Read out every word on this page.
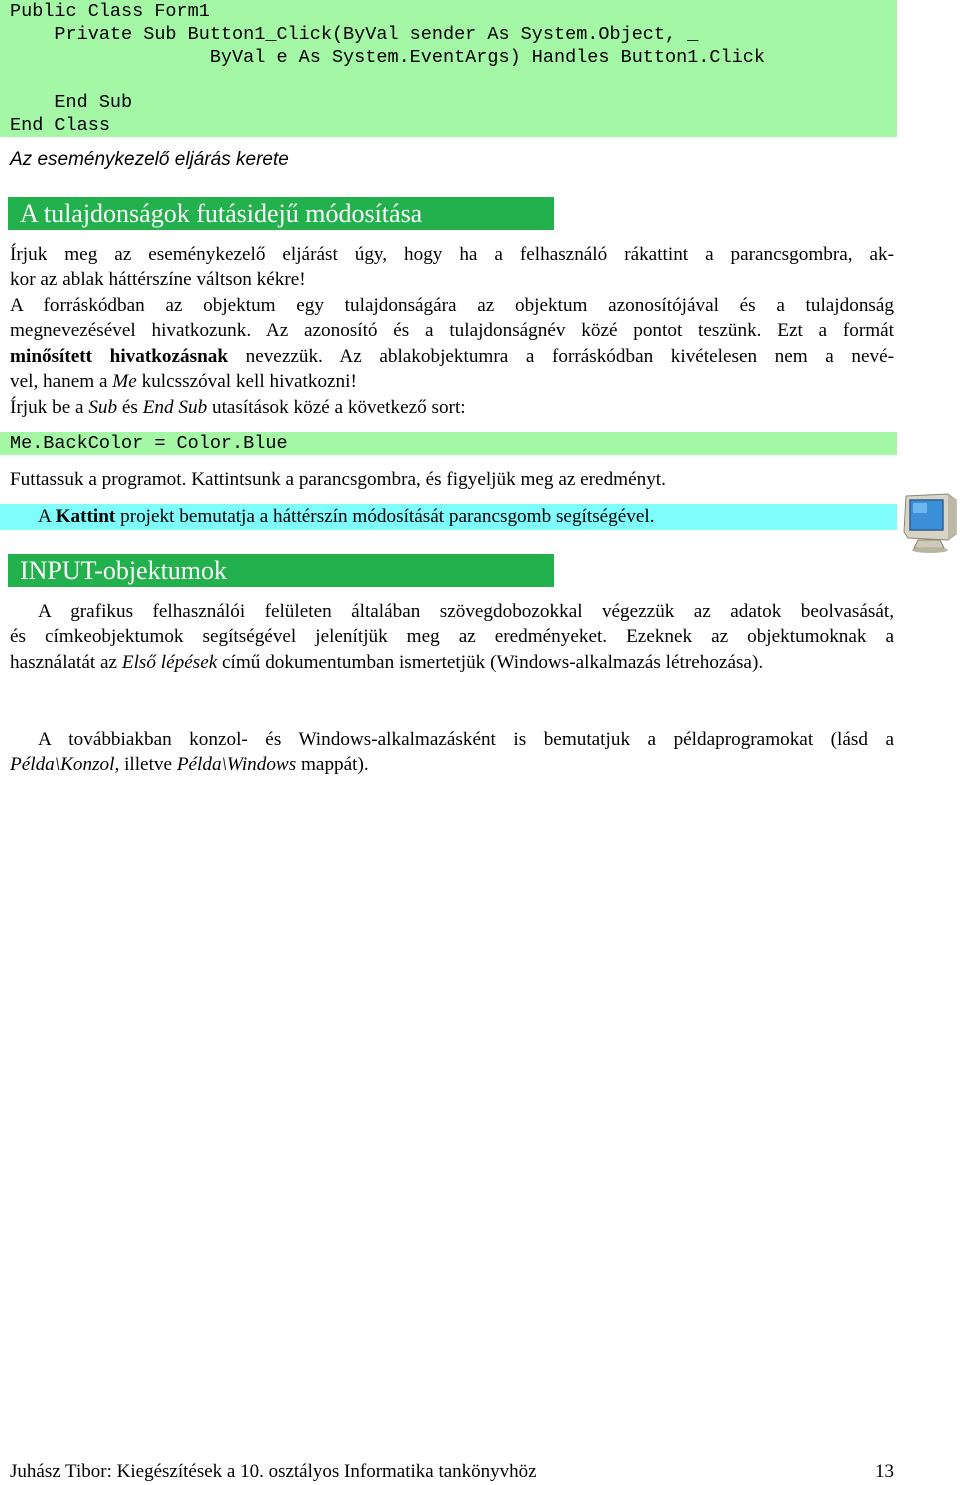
Public Class Form1
Private Sub Button1_Click(ByVal sender As System.Object, _
ByVal e As System.EventArgs) Handles Button1.Click
End Sub
End Class
Az eseménykezelő eljárás kerete
A tulajdonságok futásidejű módosítása
Írjuk meg az eseménykezelő eljárást úgy, hogy ha a felhasználó rákattint a parancsgombra, ak-
kor az ablak háttérszíne váltson kékre!
A forráskódban az objektum egy tulajdonságára az objektum azonosítójával és a tulajdonság
megnevezésével hivatkozunk. Az azonosító és a tulajdonságnév közé pontot teszünk. Ezt a formát
minősített hivatkozásnak nevezzük. Az ablakobjektumra a forráskódban kivételesen nem a nevé-
vel, hanem a Me kulcsszóval kell hivatkozni!
Írjuk be a Sub és End Sub utasítások közé a következő sort:
Me.BackColor = Color.Blue
Futtassuk a programot. Kattintsunk a parancsgombra, és figyeljük meg az eredményt.
A Kattint projekt bemutatja a háttérszín módosítását parancsgomb segítségével.
INPUT-objektumok
A grafikus felhasználói felületen általában szövegdobozokkal végezzük az adatok beolvasását,
és címkeobjektumok segítségével jelenítjük meg az eredményeket. Ezeknek az objektumoknak a
használatát az Első lépések című dokumentumban ismertetjük (Windows-alkalmazás létrehozása).
A továbbiakban konzol- és Windows-alkalmazásként is bemutatjuk a példaprogramokat (lásd a
Példa\Konzol, illetve Példa\Windows mappát).
Juhász Tibor: Kiegészítések a 10. osztályos Informatika tankönyvhöz	13
